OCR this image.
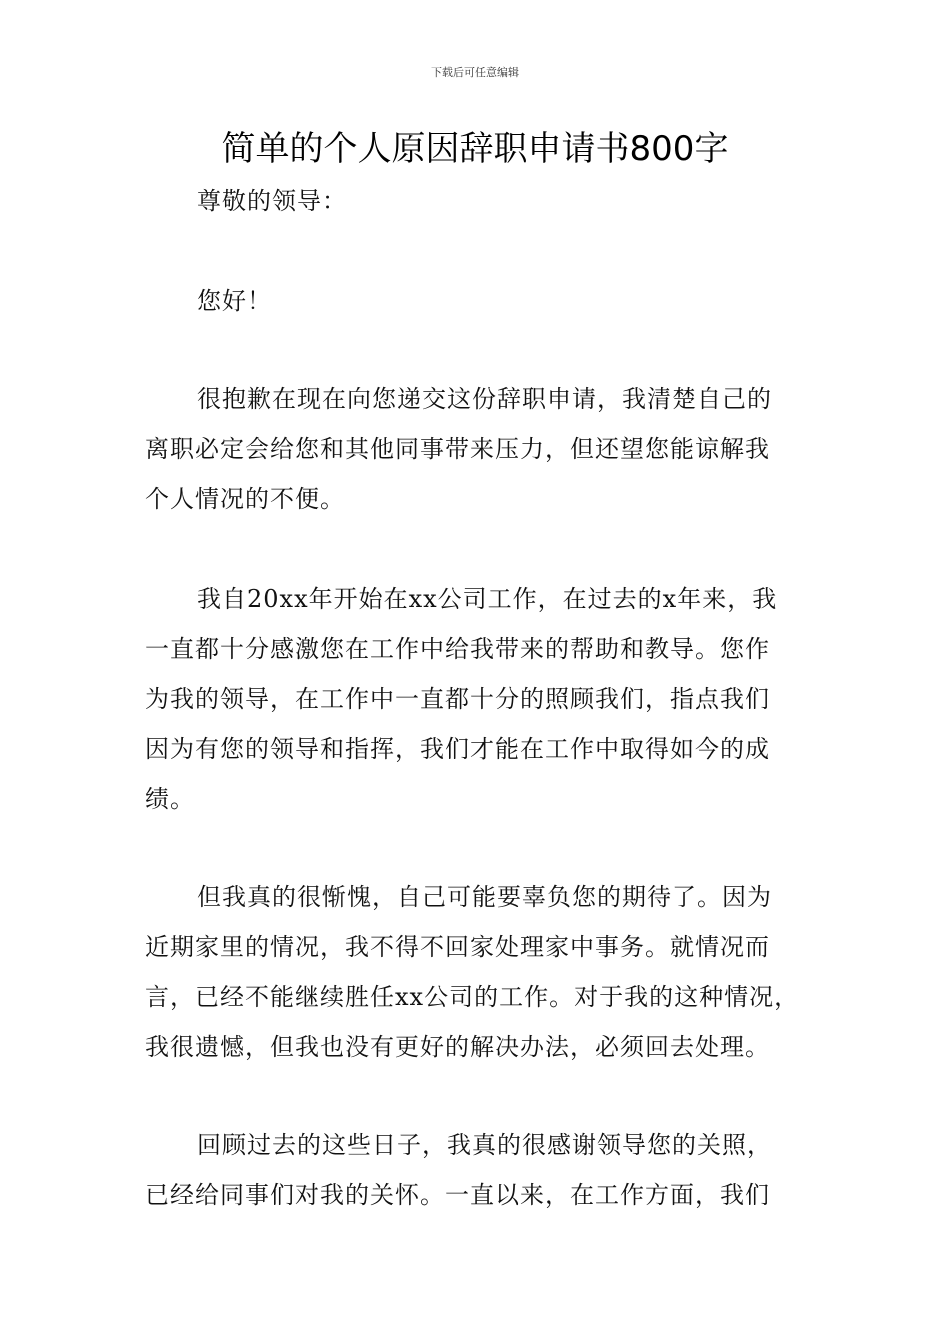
下载后可任意编辑
简单的个人原因辞职申请书800字

尊敬的领导：

您好！

很抱歉在现在向您递交这份辞职申请，我清楚自己的
离职必定会给您和其他同事带来压力，但还望您能谅解我
个人情况的不便。

我自20xx年开始在xx公司工作，在过去的x年来，我
一直都十分感激您在工作中给我带来的帮助和教导。您作
为我的领导，在工作中一直都十分的照顾我们，指点我们
因为有您的领导和指挥，我们才能在工作中取得如今的成
绩。

但我真的很惭愧，自己可能要辜负您的期待了。因为
近期家里的情况，我不得不回家处理家中事务。就情况而
言，已经不能继续胜任xx公司的工作。对于我的这种情况，
我很遗憾，但我也没有更好的解决办法，必须回去处理。

回顾过去的这些日子，我真的很感谢领导您的关照，
已经给同事们对我的关怀。一直以来，在工作方面，我们
